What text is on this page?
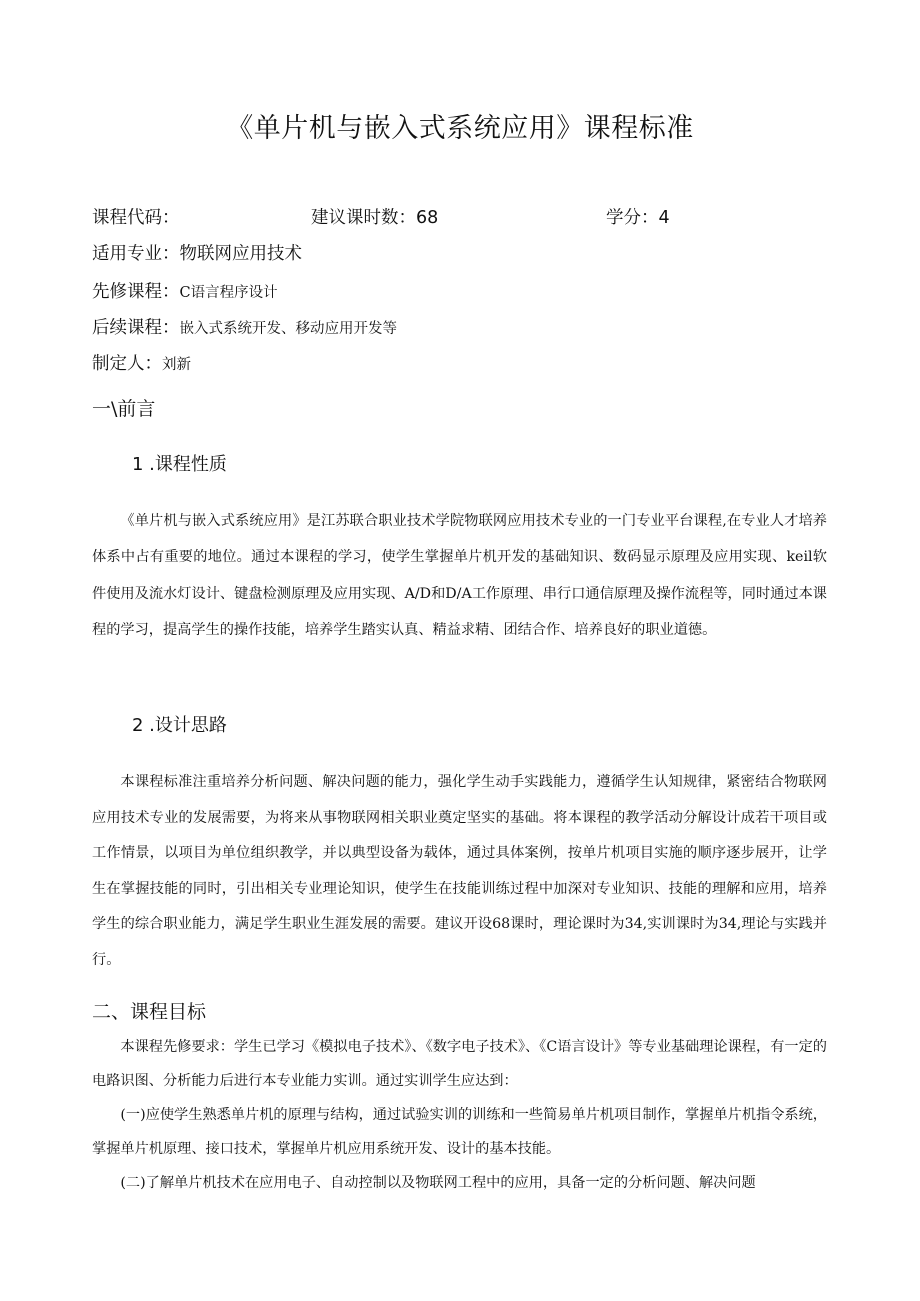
《单片机与嵌入式系统应用》课程标准
课程代码：	建议课时数：68	学分：4
适用专业：物联网应用技术
先修课程：C语言程序设计
后续课程：嵌入式系统开发、移动应用开发等
制定人：刘新
一\前言
1 .课程性质

《单片机与嵌入式系统应用》是江苏联合职业技术学院物联网应用技术专业的一门专业平台课程,在专业人才培养体系中占有重要的地位。通过本课程的学习，使学生掌握单片机开发的基础知识、数码显示原理及应用实现、keil软件使用及流水灯设计、键盘检测原理及应用实现、A/D和D/A工作原理、串行口通信原理及操作流程等，同时通过本课程的学习，提高学生的操作技能，培养学生踏实认真、精益求精、团结合作、培养良好的职业道德。

2 .设计思路

本课程标准注重培养分析问题、解决问题的能力，强化学生动手实践能力，遵循学生认知规律，紧密结合物联网应用技术专业的发展需要，为将来从事物联网相关职业奠定坚实的基础。将本课程的教学活动分解设计成若干项目或工作情景，以项目为单位组织教学，并以典型设备为载体，通过具体案例，按单片机项目实施的顺序逐步展开，让学生在掌握技能的同时，引出相关专业理论知识，使学生在技能训练过程中加深对专业知识、技能的理解和应用，培养学生的综合职业能力，满足学生职业生涯发展的需要。建议开设68课时，理论课时为34,实训课时为34,理论与实践并行。

二、课程目标

本课程先修要求：学生已学习《模拟电子技术》、《数字电子技术》、《C语言设计》等专业基础理论课程，有一定的电路识图、分析能力后进行本专业能力实训。通过实训学生应达到：

(一)应使学生熟悉单片机的原理与结构，通过试验实训的训练和一些简易单片机项目制作，掌握单片机指令系统，掌握单片机原理、接口技术，掌握单片机应用系统开发、设计的基本技能。

(二)了解单片机技术在应用电子、自动控制以及物联网工程中的应用，具备一定的分析问题、解决问题
